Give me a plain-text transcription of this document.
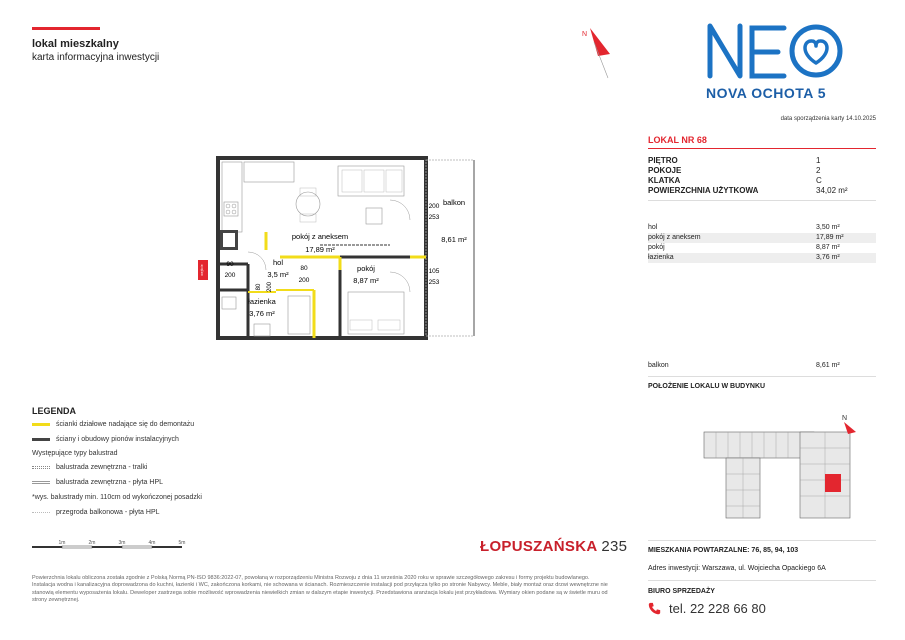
lokal mieszkalny
karta informacyjna inwestycji
N
wejście
pokój z aneksem
17,89 m²
hol
3,5 m²
pokój
8,87 m²
łazienka
3,76 m²
balkon
8,61 m²
90
200
80
200
80 200
200
253
105
253
LEGENDA
ścianki działowe nadające się do demontażu
ściany i obudowy pionów instalacyjnych
Występujące typy balustrad
balustrada zewnętrzna - tralki
balustrada zewnętrzna - płyta HPL
*wys. balustrady min. 110cm od wykończonej posadzki
przegroda balkonowa - płyta HPL
1m	2m	3m	4m	5m	ŁOPUSZAŃSKA 235
Powierzchnia lokalu obliczona została zgodnie z Polską Normą PN-ISO 9836:2022-07, powołaną w rozporządzeniu Ministra Rozwoju z dnia 11 września 2020 roku w sprawie szczegółowego zakresu i formy projektu budowlanego. Instalacja wodna i kanalizacyjna doprowadzona do kuchni, łazienki i WC, zakończona korkami, nie schowana w ścianach. Rozmieszczenie instalacji pod przyłącza tylko po stronie Nabywcy. Meble, biały montaż oraz drzwi wewnętrzne nie stanowią elementu wyposażenia lokalu. Deweloper zastrzega sobie możliwość wprowadzenia niewielkich zmian w dalszym etapie inwestycji. Przedstawiona aranżacja lokalu jest przykładowa. Wymiary okien podane są w świetle muru od strony zewnętrznej.
NOVA OCHOTA 5
data sporządzenia karty 14.10.2025
LOKAL NR 68
PIĘTRO	1
POKOJE	2
KLATKA	C
POWIERZCHNIA UŻYTKOWA	34,02 m²
hol	3,50 m²
pokój z aneksem	17,89 m²
pokój	8,87 m²
łazienka	3,76 m²
balkon	8,61 m²
POŁOŻENIE LOKALU W BUDYNKU
N
MIESZKANIA POWTARZALNE: 76, 85, 94, 103
Adres inwestycji: Warszawa, ul. Wojciecha Opackiego 6A
BIURO SPRZEDAŻY
tel. 22 228 66 80
